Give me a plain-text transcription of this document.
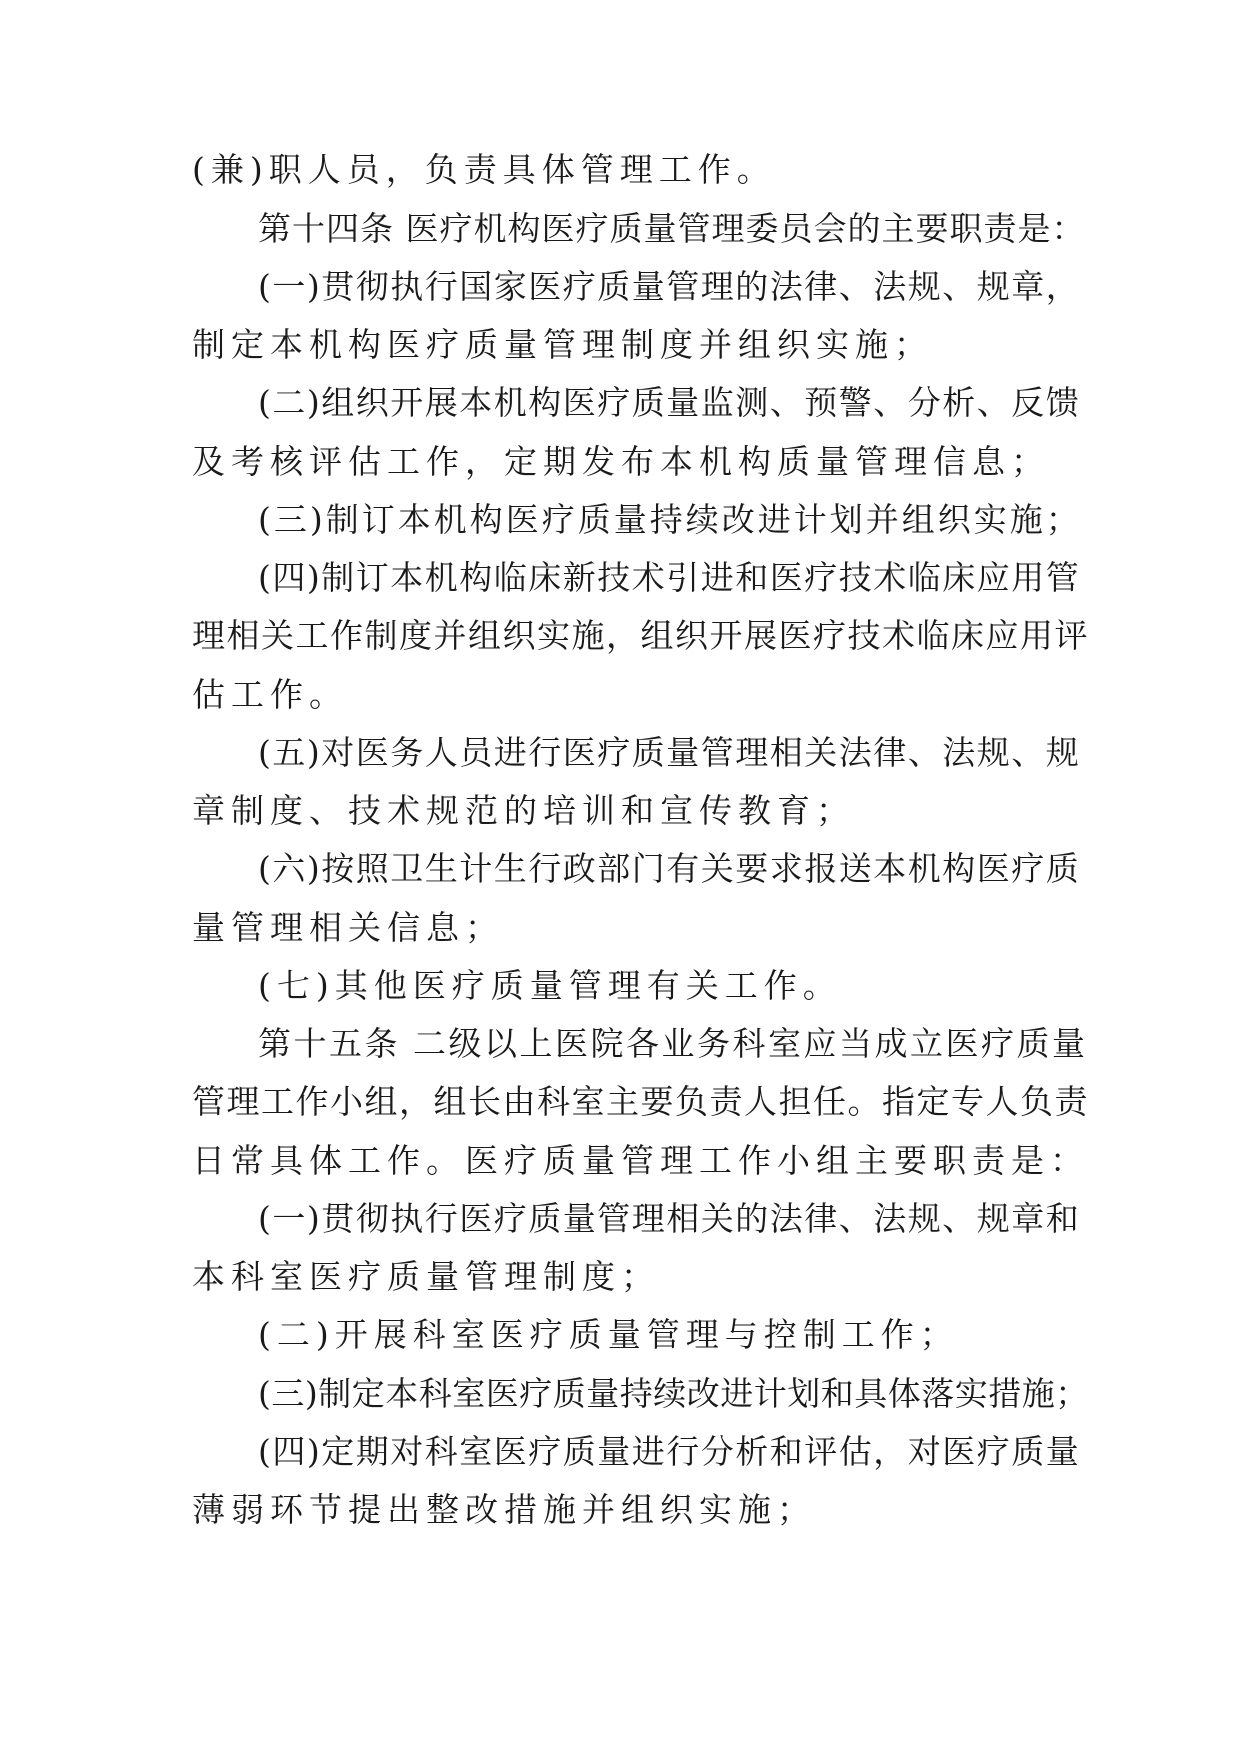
(兼)职人员，负责具体管理工作。
第十四条 医疗机构医疗质量管理委员会的主要职责是：
(一)贯彻执行国家医疗质量管理的法律、法规、规章，
制定本机构医疗质量管理制度并组织实施；
(二)组织开展本机构医疗质量监测、预警、分析、反馈
及考核评估工作，定期发布本机构质量管理信息；
(三)制订本机构医疗质量持续改进计划并组织实施；
(四)制订本机构临床新技术引进和医疗技术临床应用管
理相关工作制度并组织实施，组织开展医疗技术临床应用评
估工作。
(五)对医务人员进行医疗质量管理相关法律、法规、规
章制度、技术规范的培训和宣传教育；
(六)按照卫生计生行政部门有关要求报送本机构医疗质
量管理相关信息；
(七)其他医疗质量管理有关工作。
第十五条 二级以上医院各业务科室应当成立医疗质量
管理工作小组，组长由科室主要负责人担任。指定专人负责
日常具体工作。医疗质量管理工作小组主要职责是：
(一)贯彻执行医疗质量管理相关的法律、法规、规章和
本科室医疗质量管理制度；
(二)开展科室医疗质量管理与控制工作；
(三)制定本科室医疗质量持续改进计划和具体落实措施；
(四)定期对科室医疗质量进行分析和评估，对医疗质量
薄弱环节提出整改措施并组织实施；
